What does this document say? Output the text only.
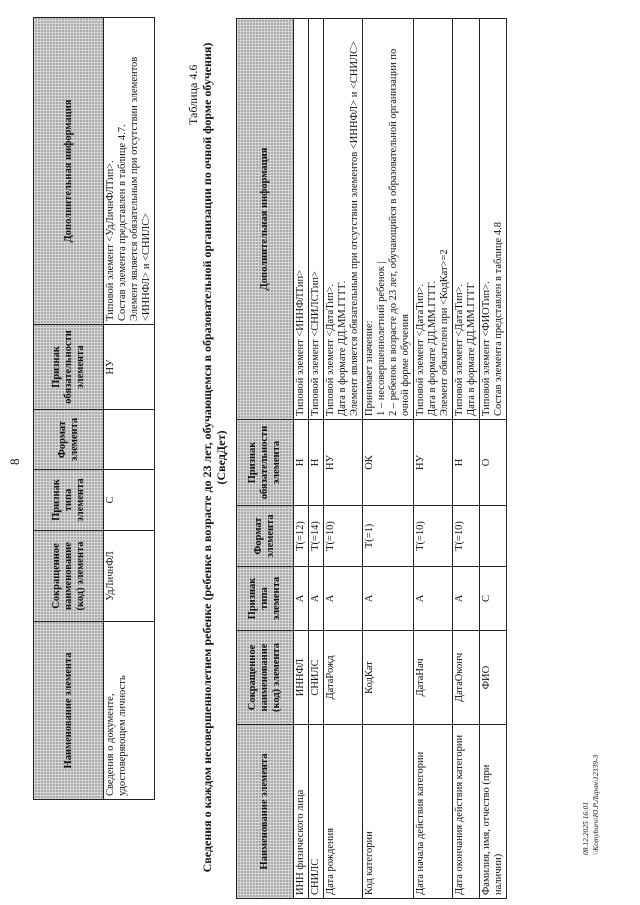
8
Наименование элемента	Сокращенное наименование (код) элемента	Признак типа элемента	Формат элемента	Признак обязательности элемента	Дополнительная информация
Сведения о документе, удостоверяющем личность	УдЛичнФЛ	С		НУ	Типовой элемент <УдЛичнФЛТип>. Состав элемента представлен в таблице 4.7. Элемент является обязательным при отсутствии элементов <ИННФЛ> и <СНИЛС>
Таблица 4.6 Сведения о каждом несовершеннолетнем ребенке (ребенке в возрасте до 23 лет, обучающемся в образовательной организации по очной форме обучения) (СведДет)
Наименование элемента	Сокращенное наименование (код) элемента	Признак типа элемента	Формат элемента	Признак обязательности элемента	Дополнительная информация
ИНН физического лица	ИННФЛ	А	T(=12)	Н	Типовой элемент <ИННФЛТип>

СНИЛС	СНИЛС	А	T(=14)	Н	Типовой элемент <СНИЛСТип>

Дата рождения	ДатаРожд	А	T(=10)	НУ	Типовой элемент <ДатаТип>. Дата в формате ДД.ММ.ГГГГ. Элемент является обязательным при отсутствии элементов <ИННФЛ> и <СНИЛС>

Код категории	КодКат	А	T(=1)	ОК	Принимает значение: 1 – несовершеннолетний ребенок | 2 – ребенок в возрасте до 23 лет, обучающийся в образовательной организации по очной форме обучения

Дата начала действия категории	ДатаНач	А	T(=10)	НУ	Типовой элемент <ДатаТип>. Дата в формате ДД.ММ.ГГГГ. Элемент обязателен при <КодКат>=2

Дата окончания действия категории	ДатаОконч	А	T(=10)	Н	Типовой элемент <ДатаТип>. Дата в формате ДД.ММ.ГГГГ

Фамилия, имя, отчество (при наличии)	ФИО	С		О	Типовой элемент <ФИОТип>. Состав элемента представлен в таблице 4.8
08.12.2025 16:01 \\Komyburo\Ю.Р.Лиран\12339-3
